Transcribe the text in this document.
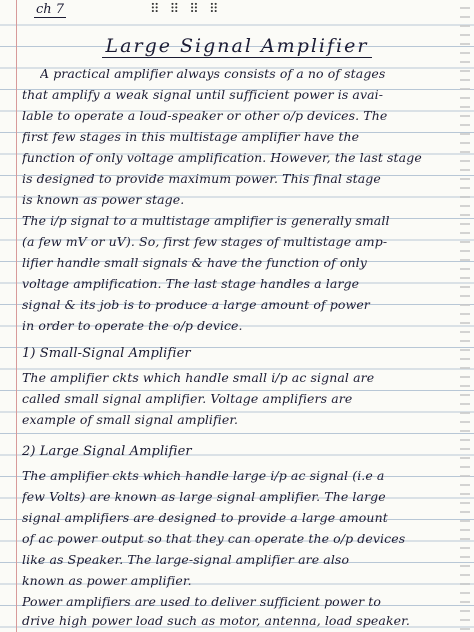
ch 7	⠿ ⠿ ⠿ ⠿
Large Signal Amplifier
A practical amplifier always consists of a no of stages
that amplify a weak signal until sufficient power is avai-
lable to operate a loud-speaker or other o/p devices. The
first few stages in this multistage amplifier have the
function of only voltage amplification. However, the last stage
is designed to provide maximum power. This final stage
is known as power stage.
The i/p signal to a multistage amplifier is generally small
(a few mV or uV). So, first few stages of multistage amp-
lifier handle small signals & have the function of only
voltage amplification. The last stage handles a large
signal & its job is to produce a large amount of power
in order to operate the o/p device.
1) Small-Signal Amplifier
The amplifier ckts which handle small i/p ac signal are
called small signal amplifier. Voltage amplifiers are
example of small signal amplifier.
2) Large Signal Amplifier
The amplifier ckts which handle large i/p ac signal (i.e a
few Volts) are known as large signal amplifier. The large
signal amplifiers are designed to provide a large amount
of ac power output so that they can operate the o/p devices
like as Speaker. The large-signal amplifier are also
known as power amplifier.
Power amplifiers are used to deliver sufficient power to
drive high power load such as motor, antenna, load speaker.
